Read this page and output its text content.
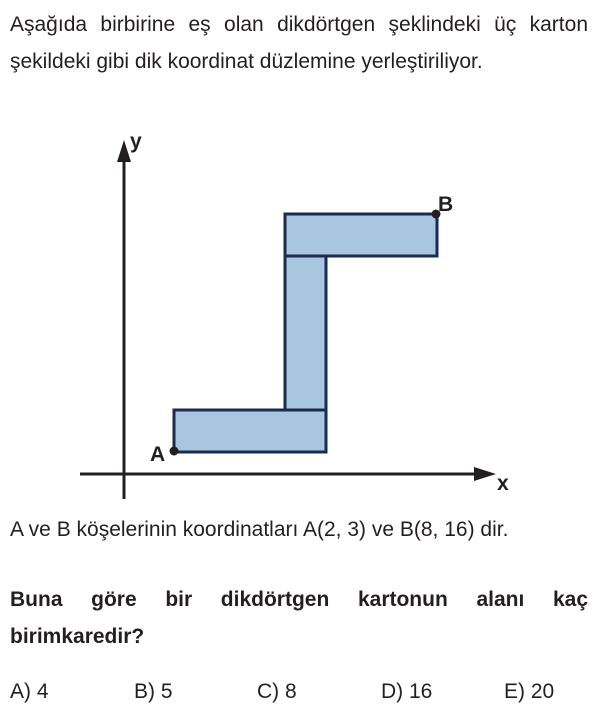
Aşağıda birbirine eş olan dikdörtgen şeklindeki üç karton şekildeki gibi dik koordinat düzlemine yerleştiriliyor.
y
x
A
B
A ve B köşelerinin koordinatları A(2, 3) ve B(8, 16) dir.
Buna göre bir dikdörtgen kartonun alanı kaç birimkaredir?
A) 4	B) 5	C) 8	D) 16	E) 20
